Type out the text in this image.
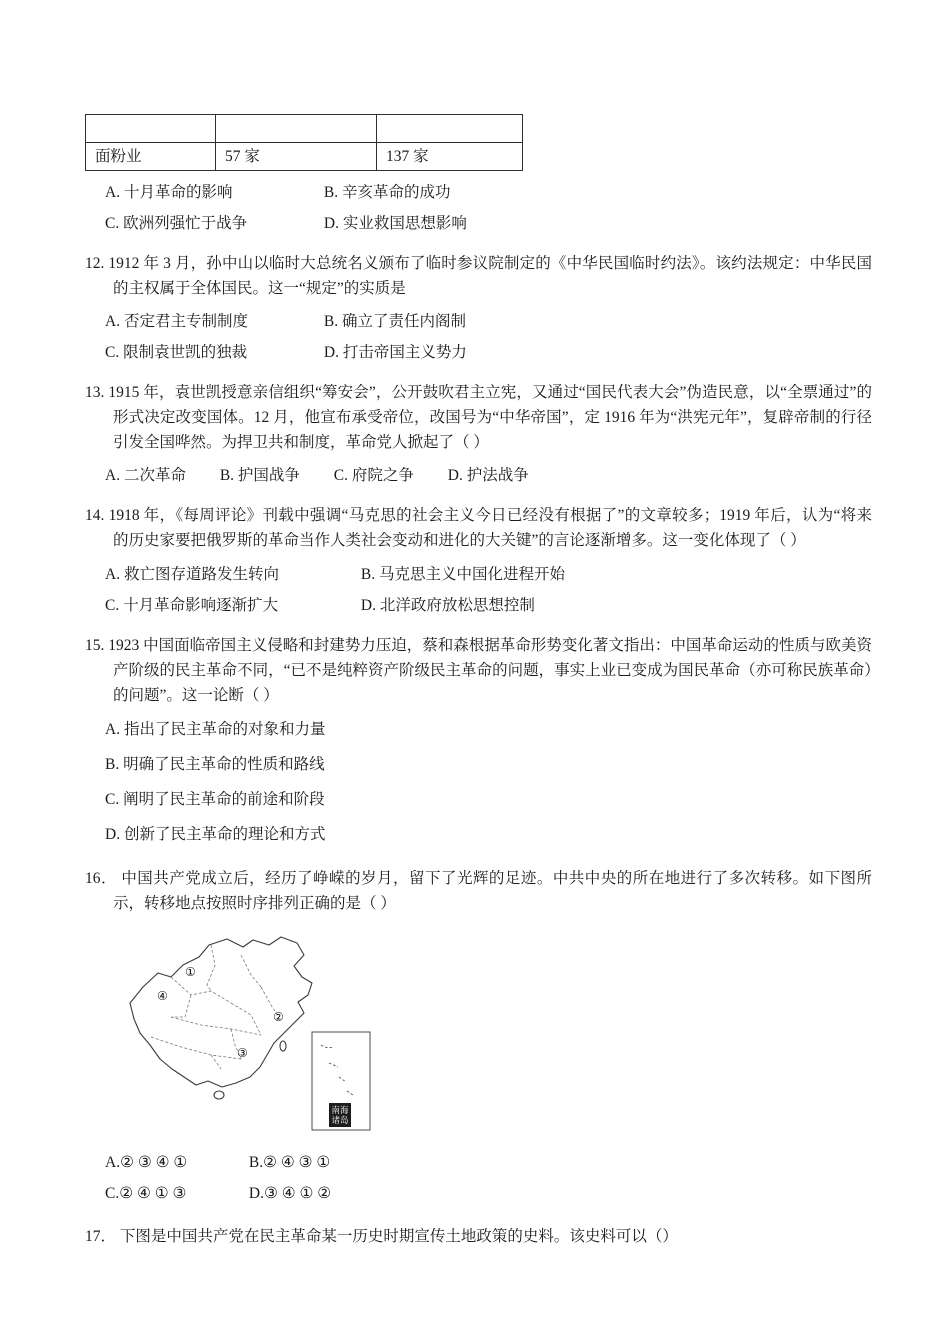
面粉业	57 家	137 家
A. 十月革命的影响	B. 辛亥革命的成功
C. 欧洲列强忙于战争	D. 实业救国思想影响

12. 1912 年 3 月，孙中山以临时大总统名义颁布了临时参议院制定的《中华民国临时约法》。该约法规定：中华民国的主权属于全体国民。这一“规定”的实质是

A. 否定君主专制制度	B. 确立了责任内阁制
C. 限制袁世凯的独裁	D. 打击帝国主义势力

13. 1915 年，袁世凯授意亲信组织“筹安会”，公开鼓吹君主立宪，又通过“国民代表大会”伪造民意，以“全票通过”的形式决定改变国体。12 月，他宣布承受帝位，改国号为“中华帝国”，定 1916 年为“洪宪元年”，复辟帝制的行径引发全国哗然。为捍卫共和制度，革命党人掀起了（ ）

A. 二次革命 B. 护国战争 C. 府院之争 D. 护法战争

14. 1918 年，《每周评论》刊载中强调“马克思的社会主义今日已经没有根据了”的文章较多；1919 年后，认为“将来的历史家要把俄罗斯的革命当作人类社会变动和进化的大关键”的言论逐渐增多。这一变化体现了（ ）

A. 救亡图存道路发生转向	B. 马克思主义中国化进程开始
C. 十月革命影响逐渐扩大	D. 北洋政府放松思想控制

15. 1923 中国面临帝国主义侵略和封建势力压迫，蔡和森根据革命形势变化著文指出：中国革命运动的性质与欧美资产阶级的民主革命不同，“已不是纯粹资产阶级民主革命的问题，事实上业已变成为国民革命（亦可称民族革命）的问题”。这一论断（ ）

A. 指出了民主革命的对象和力量
B. 明确了民主革命的性质和路线
C. 阐明了民主革命的前途和阶段
D. 创新了民主革命的理论和方式

16． 中国共产党成立后，经历了峥嵘的岁月，留下了光辉的足迹。中共中央的所在地进行了多次转移。如下图所示，转移地点按照时序排列正确的是（ ）

①
④
②
③
南海
诸岛
A.② ③ ④ ①	B.② ④ ③ ①
C.② ④ ① ③	D.③ ④ ① ②

17． 下图是中国共产党在民主革命某一历史时期宣传土地政策的史料。该史料可以（）
